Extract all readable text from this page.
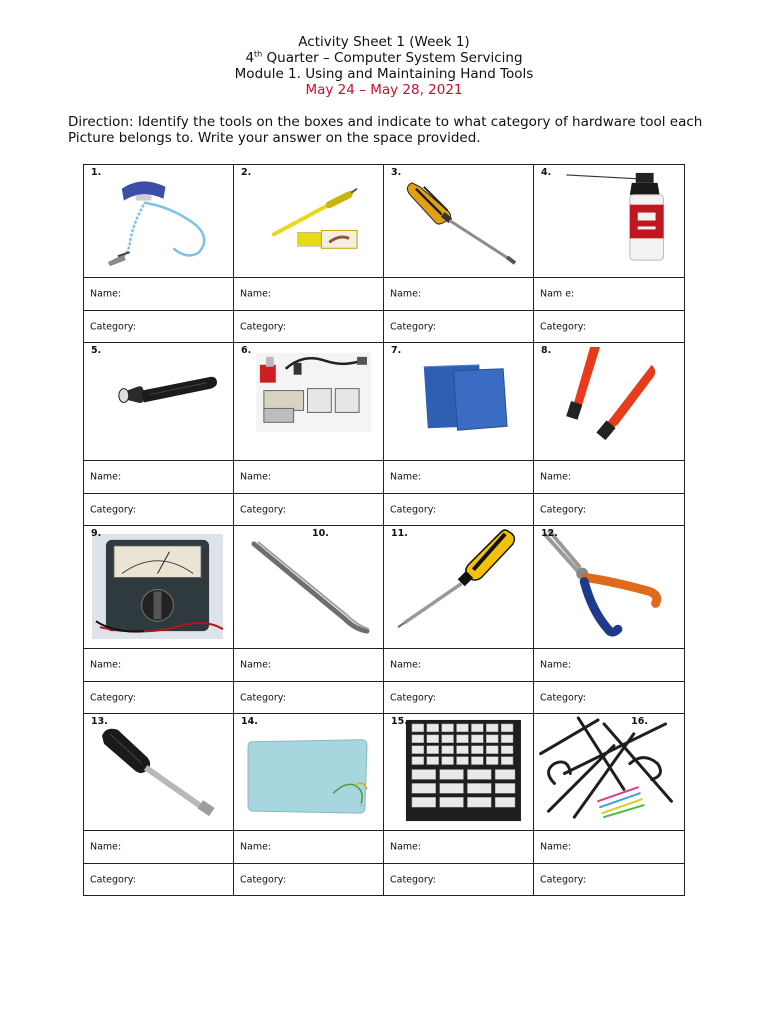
Activity Sheet 1 (Week 1)
4th Quarter – Computer System Servicing
Module 1. Using and Maintaining Hand Tools
May 24 – May 28, 2021
Direction: Identify the tools on the boxes and indicate to what category of hardware tool each Picture belongs to. Write your answer on the space provided.
1.	2.	3.	4.
Name:	Name:	Name:	Nam e:
Category:	Category:	Category:	Category:
5.	6.	7.	8.
Name:	Name:	Name:	Name:
Category:	Category:	Category:	Category:
9.	10.	11.	12.
Name:	Name:	Name:	Name:
Category:	Category:	Category:	Category:
13.	14.	15.	16.
Name:	Name:	Name:	Name:
Category:	Category:	Category:	Category:
